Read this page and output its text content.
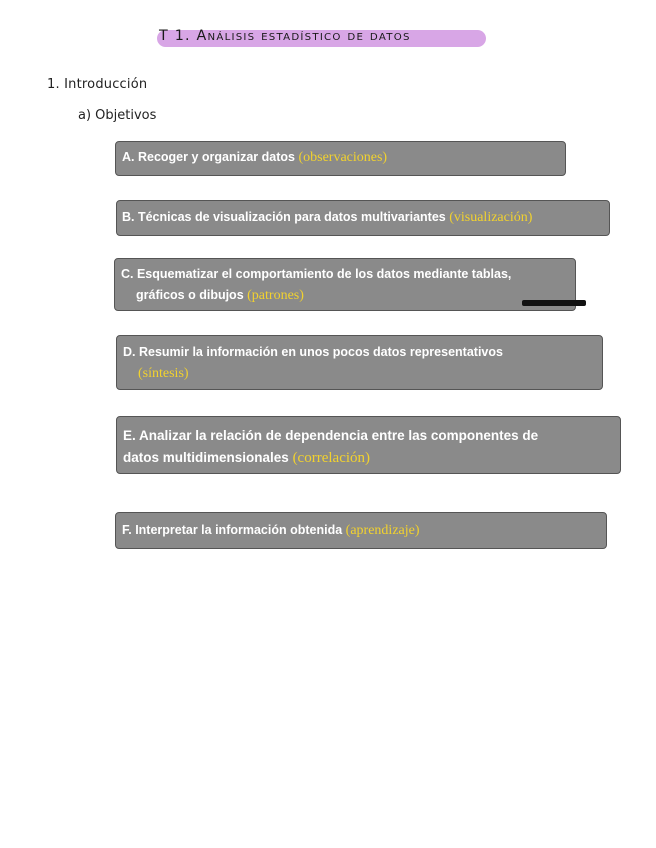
T 1. Análisis estadístico de datos
1. Introducción
a) Objetivos
A. Recoger y organizar datos (observaciones)
B. Técnicas de visualización para datos multivariantes (visualización)
C. Esquematizar el comportamiento de los datos mediante tablas,
gráficos o dibujos (patrones)
D. Resumir la información en unos pocos datos representativos
(síntesis)
E. Analizar la relación de dependencia entre las componentes de
datos multidimensionales (correlación)
F. Interpretar la información obtenida (aprendizaje)
